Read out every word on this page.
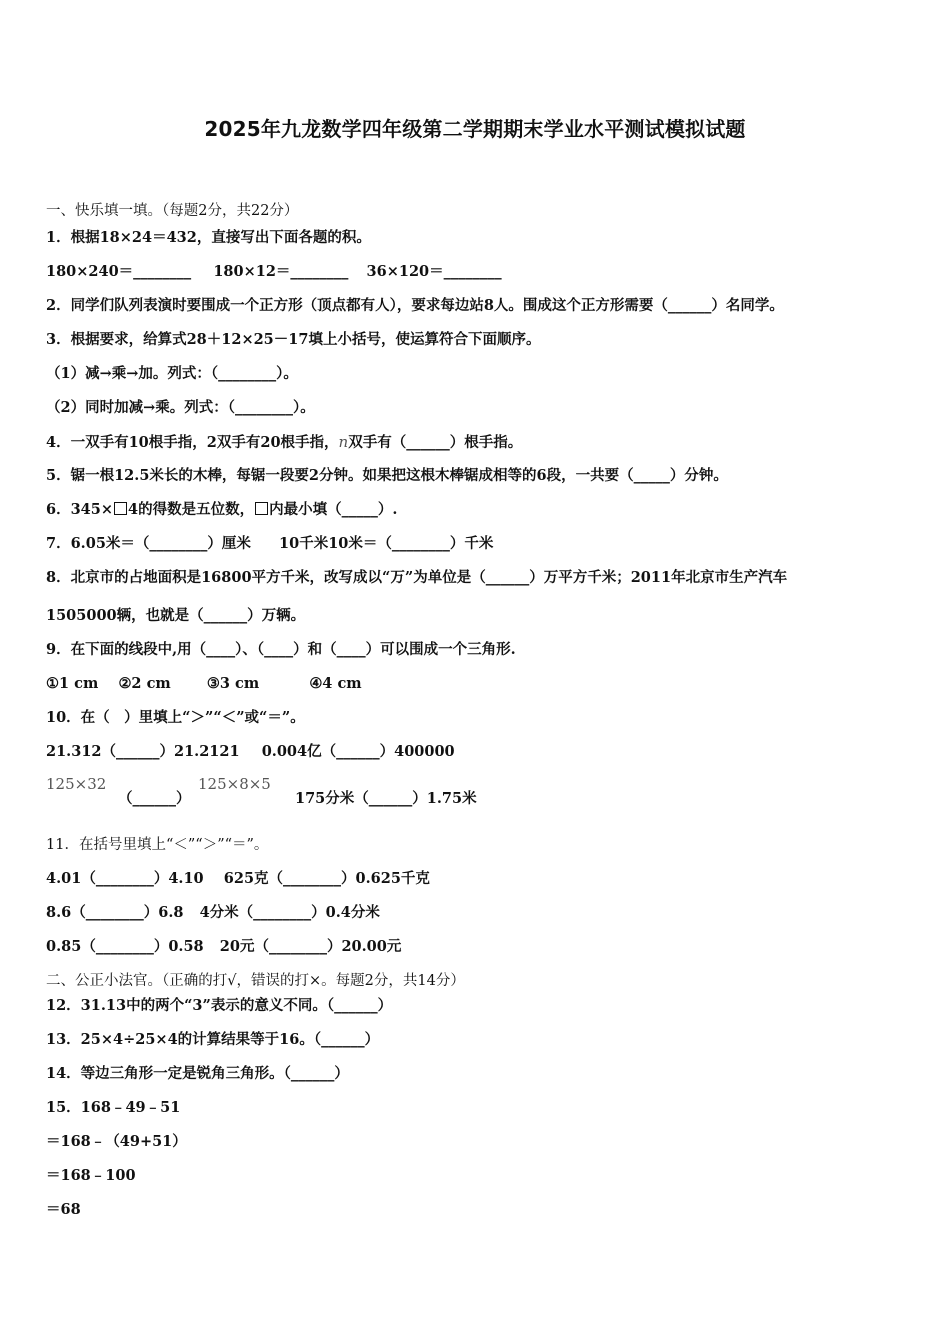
2025年九龙数学四年级第二学期期末学业水平测试模拟试题
一、快乐填一填。（每题2分，共22分）
1．根据18×24＝432，直接写出下面各题的积。
180×240＝________ 180×12＝________ 36×120＝________
2．同学们队列表演时要围成一个正方形（顶点都有人），要求每边站8人。围成这个正方形需要（______）名同学。
3．根据要求，给算式28＋12×25－17填上小括号，使运算符合下面顺序。
（1）减→乘→加。列式：（________）。
（2）同时加减→乘。列式：（________）。
4．一双手有10根手指，2双手有20根手指，n双手有（______）根手指。
5．锯一根12.5米长的木棒，每锯一段要2分钟。如果把这根木棒锯成相等的6段，一共要（_____）分钟。
6．345× 4的得数是五位数， 内最小填（_____）.
7．6.05米＝（________）厘米 10千米10米＝（________）千米
8．北京市的占地面积是16800平方千米，改写成以“万”为单位是（______）万平方千米；2011年北京市生产汽车
1505000辆，也就是（______）万辆。
9．在下面的线段中,用（____）、（____）和（____）可以围成一个三角形.
①1 cm ②2 cm ③3 cm	④4 cm
10．在（　）里填上“＞”“＜”或“＝”。
21.312（______）21.2121 0.004亿（______）400000
125×32
（______）
125×8×5
175分米（______）1.75米
11．在括号里填上“＜”“＞”“＝”。
4.01（________）4.10 625克（________）0.625千克
8.6（________）6.8 4分米（________）0.4分米
0.85（________）0.58 20元（________）20.00元
二、公正小法官。（正确的打√，错误的打×。每题2分，共14分）
12．31.13中的两个“3”表示的意义不同。（______）
13．25×4÷25×4的计算结果等于16。（______）
14．等边三角形一定是锐角三角形。（______）
15．168﹣49﹣51
＝168﹣（49+51）
＝168﹣100
＝68
